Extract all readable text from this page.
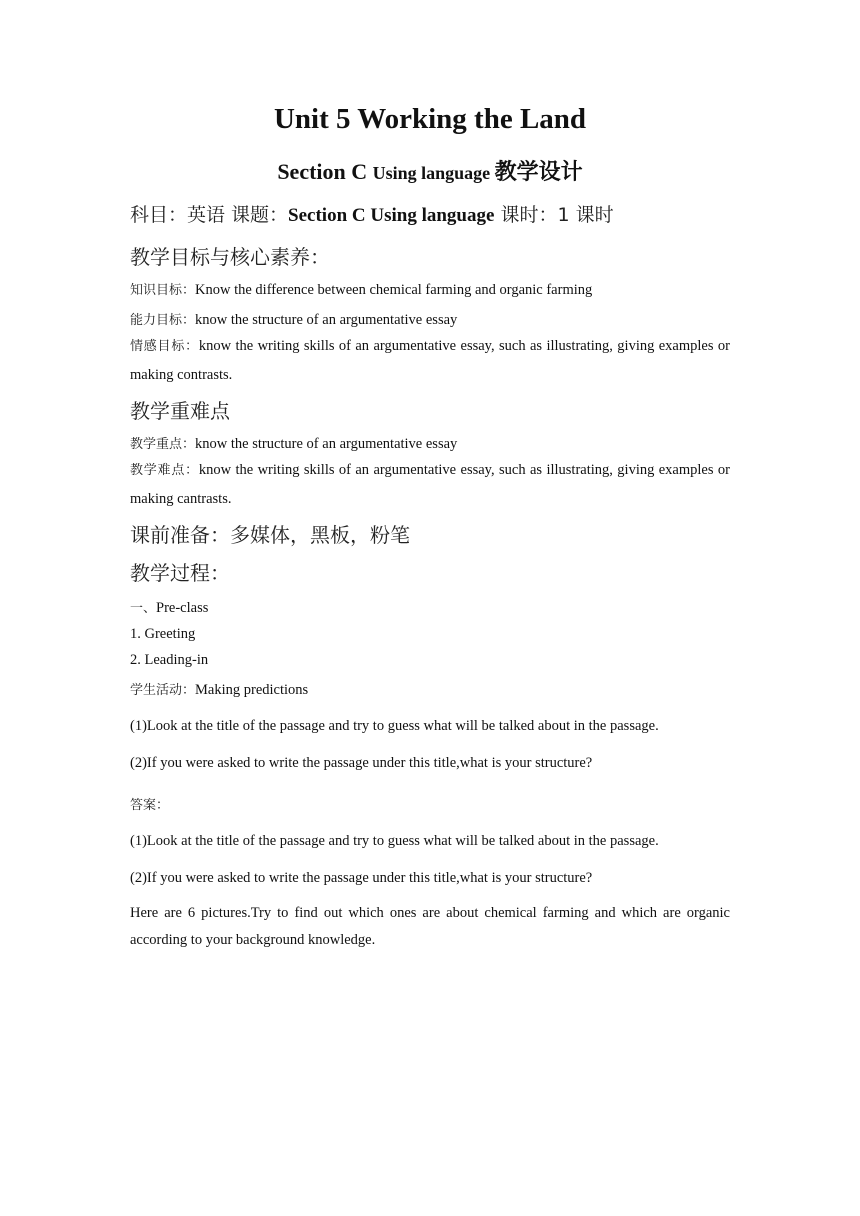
Unit 5 Working the Land
Section C Using language 教学设计
科目：英语 课题：Section C Using language 课时：1 课时
教学目标与核心素养：
知识目标：Know the difference between chemical farming and organic farming
能力目标：know the structure of an argumentative essay
情感目标：know the writing skills of an argumentative essay, such as illustrating, giving examples or making contrasts.
教学重难点
教学重点：know the structure of an argumentative essay
教学难点：know the writing skills of an argumentative essay, such as illustrating, giving examples or making cantrasts.
课前准备：多媒体，黑板，粉笔
教学过程：
一、Pre-class
1. Greeting
2. Leading-in
学生活动：Making predictions
(1)Look at the title of the passage and try to guess what will be talked about in the passage.
(2)If you were asked to write the passage under this title,what is your structure?
答案：
(1)Look at the title of the passage and try to guess what will be talked about in the passage.
(2)If you were asked to write the passage under this title,what is your structure?
Here are 6 pictures.Try to find out which ones are about chemical farming and which are organic according to your background knowledge.
